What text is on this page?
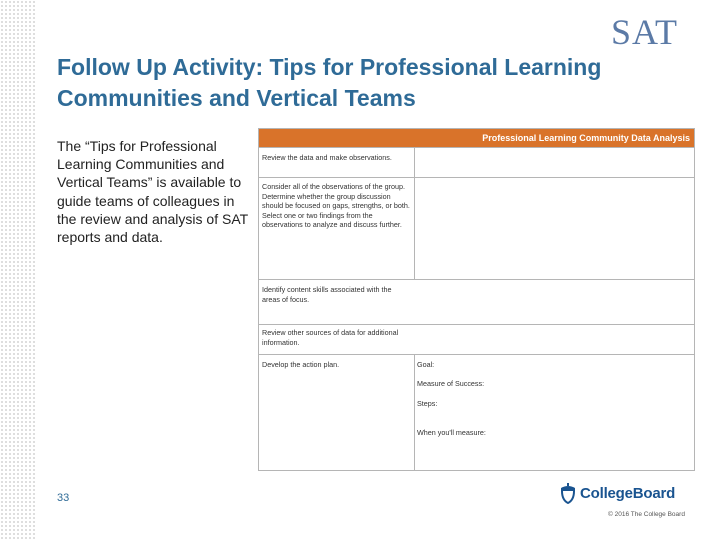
SAT
Follow Up Activity: Tips for Professional Learning Communities and Vertical Teams
The “Tips for Professional Learning Communities and Vertical Teams” is available to guide teams of colleagues in the review and analysis of SAT reports and data.
Professional Learning Community Data Analysis
Review the data and make observations.
Consider all of the observations of the group. Determine whether the group discussion should be focused on gaps, strengths, or both. Select one or two findings from the observations to analyze and discuss further.
Identify content skills associated with the areas of focus.
Review other sources of data for additional information.
Develop the action plan.	Goal:
Measure of Success:
Steps:
When you'll measure:
33	CollegeBoard
© 2016 The College Board
